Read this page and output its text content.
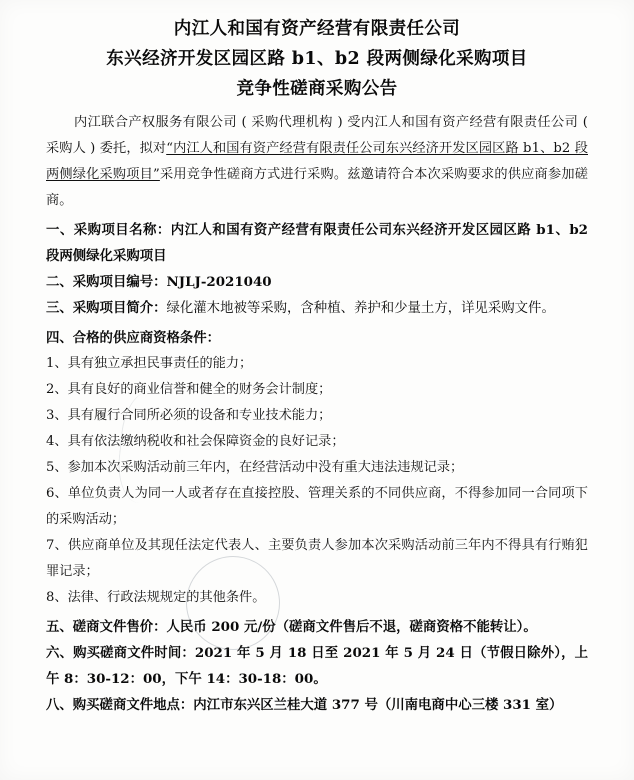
内江人和国有资产经营有限责任公司
东兴经济开发区园区路 b1、b2 段两侧绿化采购项目
竞争性磋商采购公告

内江联合产权服务有限公司 ( 采购代理机构 ) 受内江人和国有资产经营有限责任公司 ( 采购人 ) 委托，拟对“内江人和国有资产经营有限责任公司东兴经济开发区园区路 b1、b2 段两侧绿化采购项目”采用竞争性磋商方式进行采购。兹邀请符合本次采购要求的供应商参加磋商。

一、采购项目名称：内江人和国有资产经营有限责任公司东兴经济开发区园区路 b1、b2 段两侧绿化采购项目

二、采购项目编号：NJLJ-2021040

三、采购项目简介：绿化灌木地被等采购，含种植、养护和少量土方，详见采购文件。

四、合格的供应商资格条件：

1、具有独立承担民事责任的能力；

2、具有良好的商业信誉和健全的财务会计制度；

3、具有履行合同所必须的设备和专业技术能力；

4、具有依法缴纳税收和社会保障资金的良好记录；

5、参加本次采购活动前三年内，在经营活动中没有重大违法违规记录；

6、单位负责人为同一人或者存在直接控股、管理关系的不同供应商，不得参加同一合同项下的采购活动；

7、供应商单位及其现任法定代表人、主要负责人参加本次采购活动前三年内不得具有行贿犯罪记录；

8、法律、行政法规规定的其他条件。

五、磋商文件售价：人民币 200 元/份（磋商文件售后不退，磋商资格不能转让）。

六、购买磋商文件时间：2021 年 5 月 18 日至 2021 年 5 月 24 日（节假日除外），上午 8：30-12：00，下午 14：30-18：00。

八、购买磋商文件地点：内江市东兴区兰桂大道 377 号（川南电商中心三楼 331 室）
